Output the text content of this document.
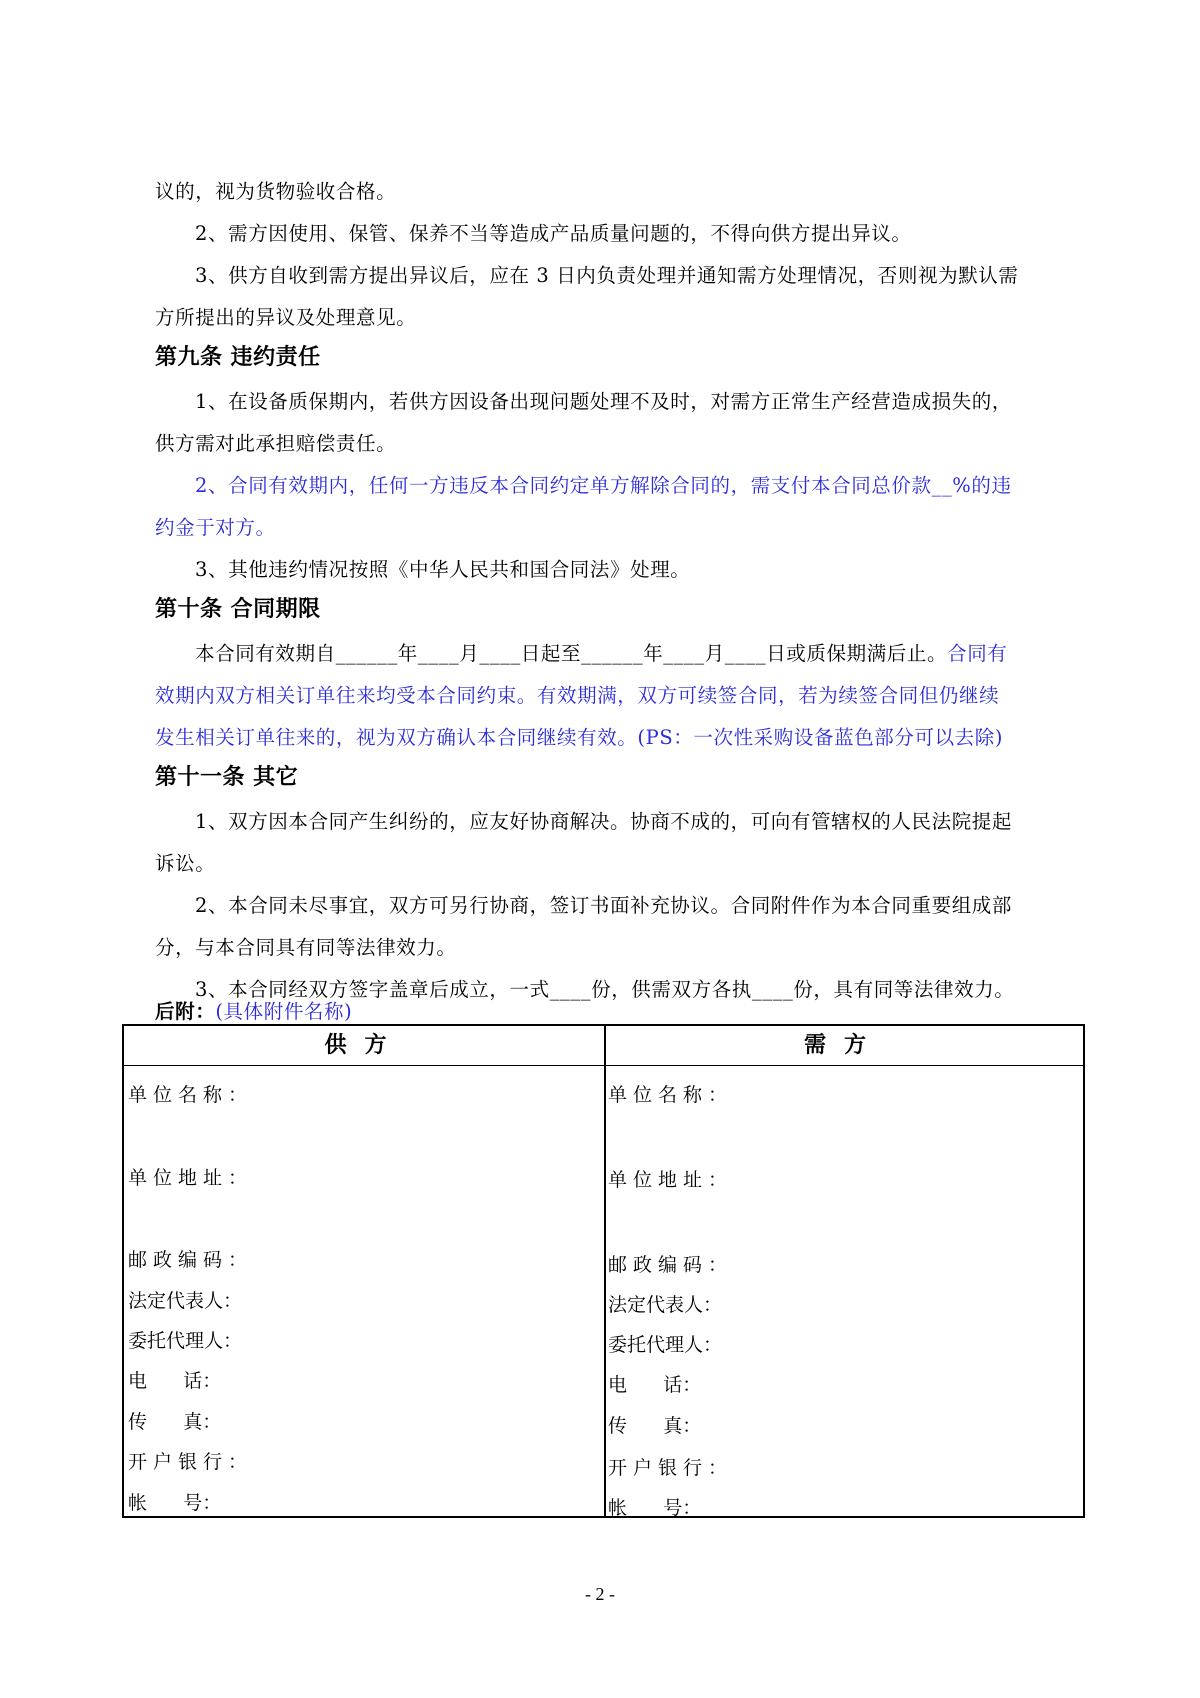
议的，视为货物验收合格。
2、需方因使用、保管、保养不当等造成产品质量问题的，不得向供方提出异议。
3、供方自收到需方提出异议后，应在 3 日内负责处理并通知需方处理情况，否则视为默认需
方所提出的异议及处理意见。
第九条 违约责任
1、在设备质保期内，若供方因设备出现问题处理不及时，对需方正常生产经营造成损失的，
供方需对此承担赔偿责任。
2、合同有效期内，任何一方违反本合同约定单方解除合同的，需支付本合同总价款__%的违
约金于对方。
3、其他违约情况按照《中华人民共和国合同法》处理。
第十条 合同期限
本合同有效期自______年____月____日起至______年____月____日或质保期满后止。合同有
效期内双方相关订单往来均受本合同约束。有效期满，双方可续签合同，若为续签合同但仍继续
发生相关订单往来的，视为双方确认本合同继续有效。(PS：一次性采购设备蓝色部分可以去除)
第十一条 其它
1、双方因本合同产生纠纷的，应友好协商解决。协商不成的，可向有管辖权的人民法院提起
诉讼。
2、本合同未尽事宜，双方可另行协商，签订书面补充协议。合同附件作为本合同重要组成部
分，与本合同具有同等法律效力。
3、本合同经双方签字盖章后成立，一式____份，供需双方各执____份，具有同等法律效力。
后附：(具体附件名称)
供方	需方
单位名称：
单位地址：
邮政编码：
法定代表人：
委托代理人：
电      话：
传      真：
开户银行：
帐      号：
单位名称：
单位地址：
邮政编码：
法定代表人：
委托代理人：
电      话：
传      真：
开户银行：
帐      号：
- 2 -
